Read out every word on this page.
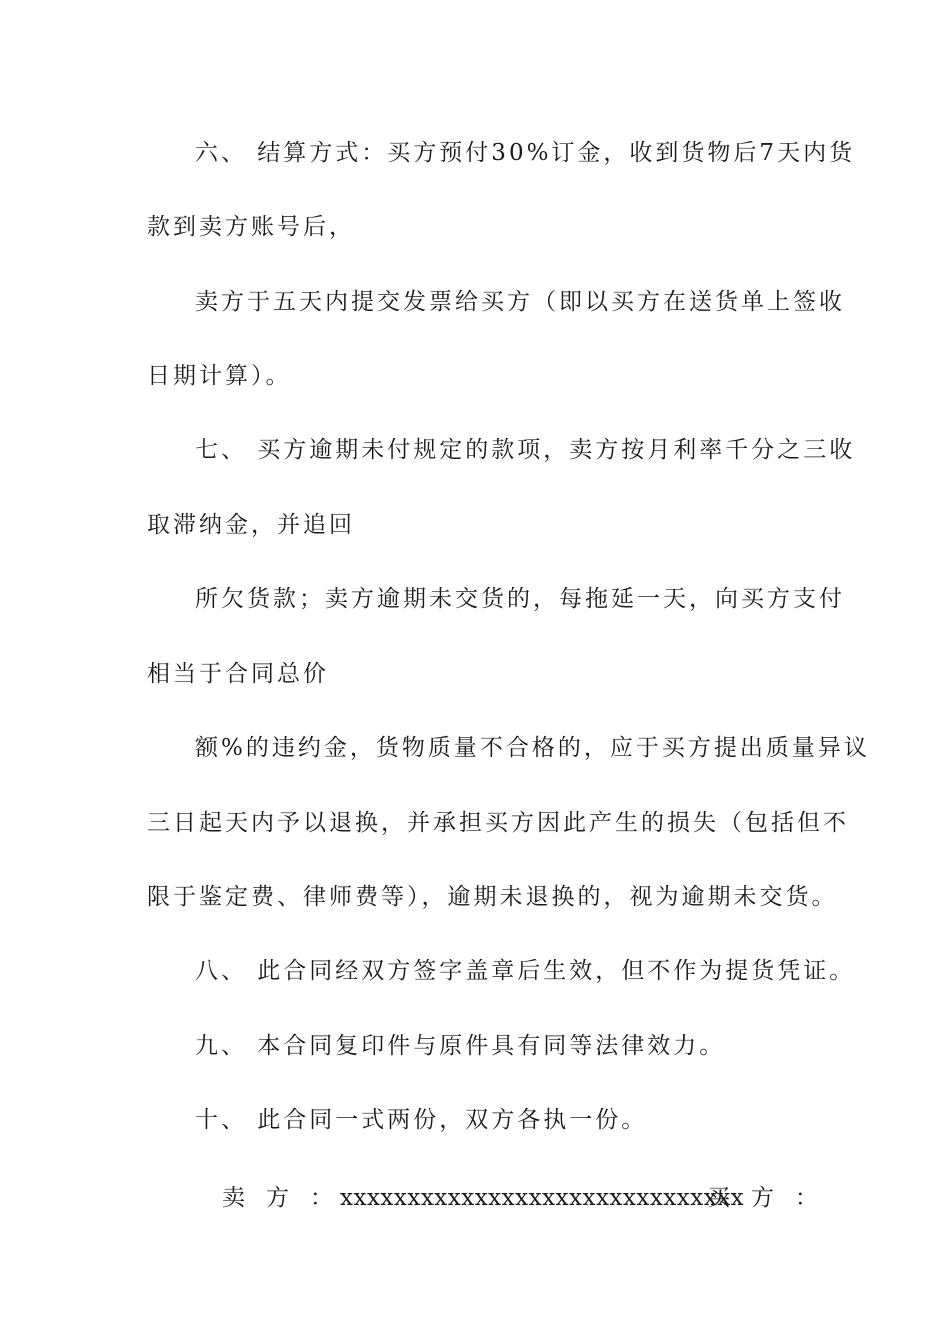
六、 结算方式：买方预付30%订金，收到货物后7天内货
款到卖方账号后，
卖方于五天内提交发票给买方（即以买方在送货单上签收
日期计算）。
七、 买方逾期未付规定的款项，卖方按月利率千分之三收
取滞纳金，并追回
所欠货款；卖方逾期未交货的，每拖延一天，向买方支付
相当于合同总价
额%的违约金，货物质量不合格的，应于买方提出质量异议
三日起天内予以退换，并承担买方因此产生的损失（包括但不
限于鉴定费、律师费等），逾期未退换的，视为逾期未交货。
八、 此合同经双方签字盖章后生效，但不作为提货凭证。
九、 本合同复印件与原件具有同等法律效力。
十、 此合同一式两份，双方各执一份。
卖方：
xxxxxxxxxxxxxxxxxxxxxxxxxxxxxx
买方：
